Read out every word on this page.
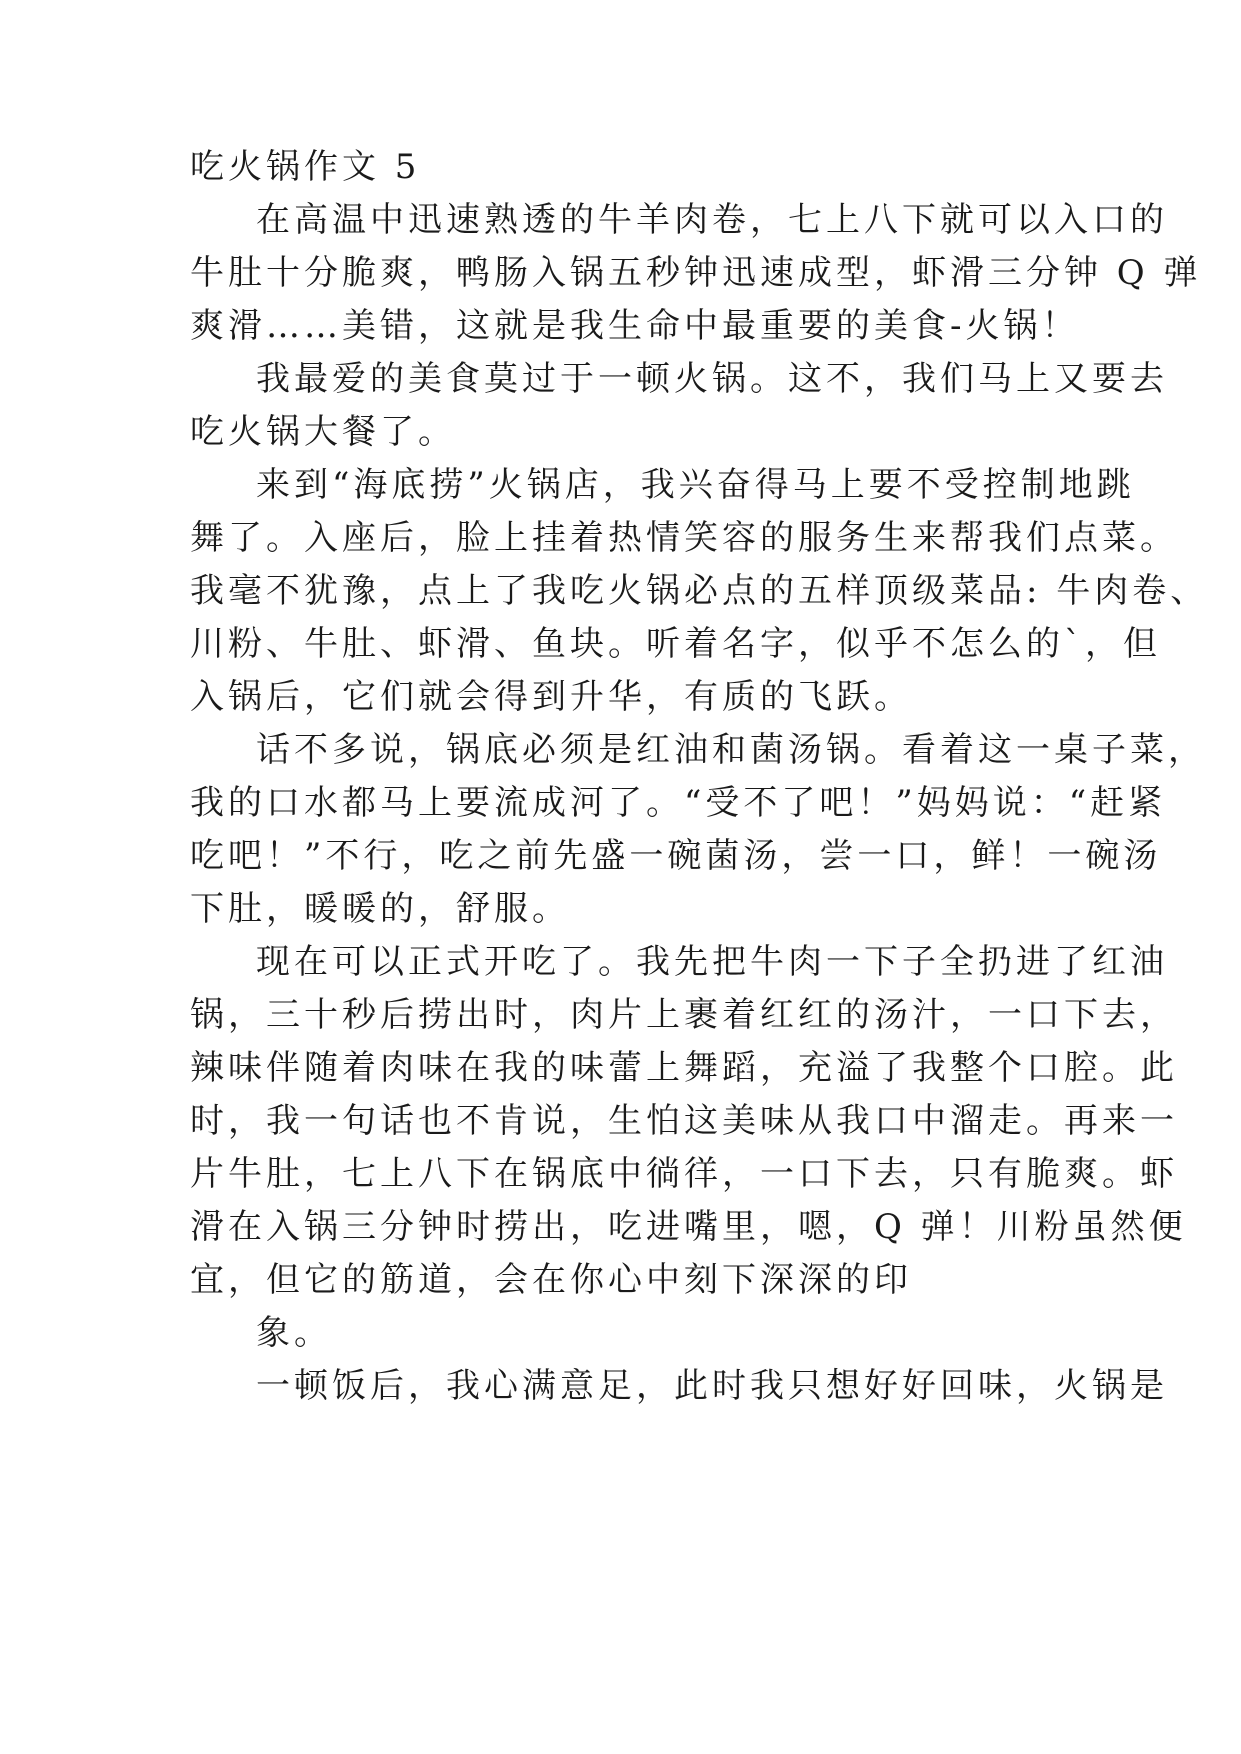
吃火锅作文 5
在高温中迅速熟透的牛羊肉卷，七上八下就可以入口的
牛肚十分脆爽，鸭肠入锅五秒钟迅速成型，虾滑三分钟 Q 弹
爽滑……美错，这就是我生命中最重要的美食-火锅！
我最爱的美食莫过于一顿火锅。这不，我们马上又要去
吃火锅大餐了。
来到“海底捞”火锅店，我兴奋得马上要不受控制地跳
舞了。入座后，脸上挂着热情笑容的服务生来帮我们点菜。
我毫不犹豫，点上了我吃火锅必点的五样顶级菜品: 牛肉卷、
川粉、牛肚、虾滑、鱼块。听着名字，似乎不怎么的`，但
入锅后，它们就会得到升华，有质的飞跃。
话不多说，锅底必须是红油和菌汤锅。看着这一桌子菜，
我的口水都马上要流成河了。“受不了吧！”妈妈说：“赶紧
吃吧！”不行，吃之前先盛一碗菌汤，尝一口，鲜！一碗汤
下肚，暖暖的，舒服。
现在可以正式开吃了。我先把牛肉一下子全扔进了红油
锅，三十秒后捞出时，肉片上裹着红红的汤汁，一口下去，
辣味伴随着肉味在我的味蕾上舞蹈，充溢了我整个口腔。此
时，我一句话也不肯说，生怕这美味从我口中溜走。再来一
片牛肚，七上八下在锅底中徜徉，一口下去，只有脆爽。虾
滑在入锅三分钟时捞出，吃进嘴里，嗯，Q 弹！川粉虽然便
宜，但它的筋道，会在你心中刻下深深的印
象。
一顿饭后，我心满意足，此时我只想好好回味，火锅是
